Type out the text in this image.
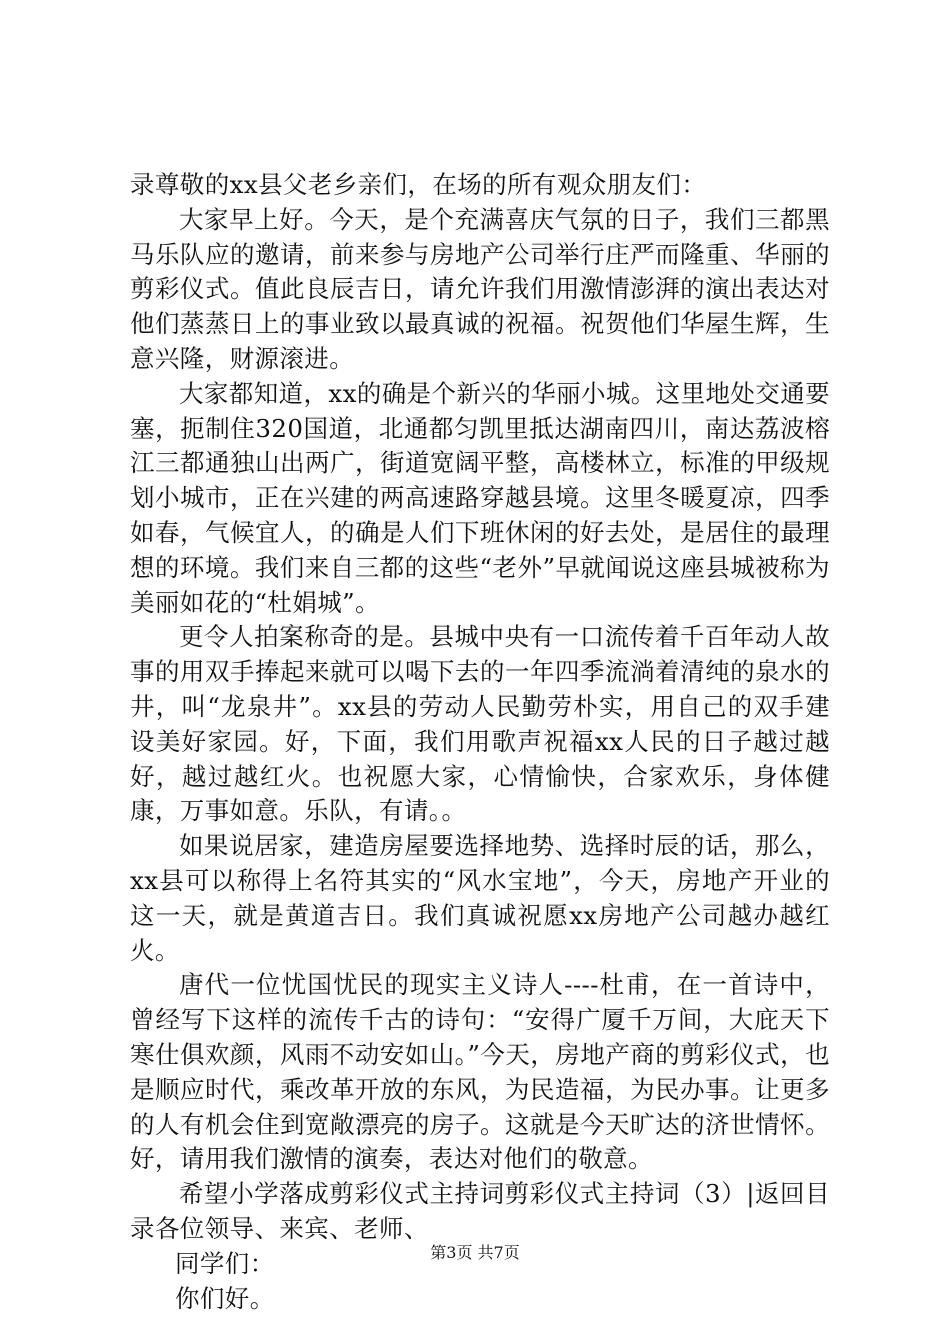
录尊敬的xx县父老乡亲们，在场的所有观众朋友们：

大家早上好。今天，是个充满喜庆气氛的日子，我们三都黑马乐队应的邀请，前来参与房地产公司举行庄严而隆重、华丽的剪彩仪式。值此良辰吉日，请允许我们用激情澎湃的演出表达对他们蒸蒸日上的事业致以最真诚的祝福。祝贺他们华屋生辉，生意兴隆，财源滚进。

大家都知道，xx的确是个新兴的华丽小城。这里地处交通要塞，扼制住320国道，北通都匀凯里抵达湖南四川，南达荔波榕江三都通独山出两广，街道宽阔平整，高楼林立，标准的甲级规划小城市，正在兴建的两高速路穿越县境。这里冬暖夏凉，四季如春，气候宜人，的确是人们下班休闲的好去处，是居住的最理想的环境。我们来自三都的这些“老外”早就闻说这座县城被称为美丽如花的“杜娟城”。

更令人拍案称奇的是。县城中央有一口流传着千百年动人故事的用双手捧起来就可以喝下去的一年四季流淌着清纯的泉水的井，叫“龙泉井”。xx县的劳动人民勤劳朴实，用自己的双手建设美好家园。好，下面，我们用歌声祝福xx人民的日子越过越好，越过越红火。也祝愿大家，心情愉快，合家欢乐，身体健康，万事如意。乐队，有请。。

如果说居家，建造房屋要选择地势、选择时辰的话，那么，xx县可以称得上名符其实的“风水宝地”，今天，房地产开业的这一天，就是黄道吉日。我们真诚祝愿xx房地产公司越办越红火。

唐代一位忧国忧民的现实主义诗人----杜甫，在一首诗中，曾经写下这样的流传千古的诗句：“安得广厦千万间，大庇天下寒仕俱欢颜，风雨不动安如山。”今天，房地产商的剪彩仪式，也是顺应时代，乘改革开放的东风，为民造福，为民办事。让更多的人有机会住到宽敞漂亮的房子。这就是今天旷达的济世情怀。好，请用我们激情的演奏，表达对他们的敬意。

希望小学落成剪彩仪式主持词剪彩仪式主持词（3）|返回目录各位领导、来宾、老师、

同学们：

你们好。

第3页 共7页
